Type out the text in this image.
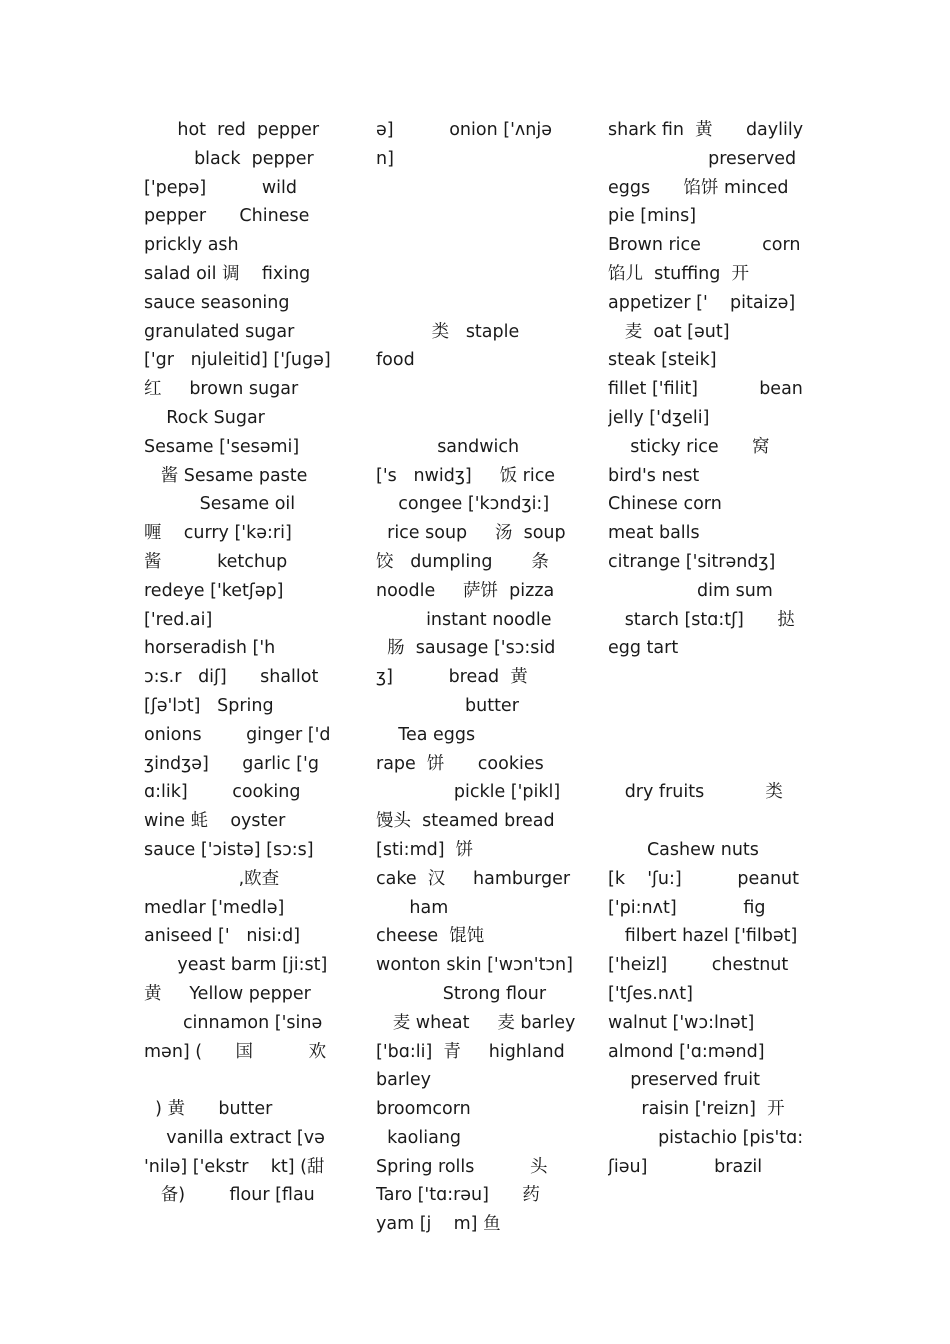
hot  red  pepper
black  pepper
['pepə]          wild
pepper      Chinese
prickly ash
salad oil 调    fixing
sauce seasoning
granulated sugar
['gr   njuleitid] ['ʃugə]
红     brown sugar
Rock Sugar
Sesame ['sesəmi]
酱 Sesame paste
Sesame oil
喱    curry ['kə:ri]
酱          ketchup
redeye ['ketʃəp]
['red.ai]
horseradish ['h
ɔ:s.r   diʃ]      shallot
[ʃə'lɔt]   Spring
onions        ginger ['d
ʒindʒə]      garlic ['g
ɑ:lik]        cooking
wine 蚝    oyster
sauce ['ɔistə] [sɔ:s]
,欧查
medlar ['medlə]
aniseed ['   nisi:d]
yeast barm [ji:st]
黄     Yellow pepper
cinnamon ['sinə
mən] (      国          欢
) 黄      butter
vanilla extract [və
'nilə] ['ekstr    kt] (甜
备)        flour [flau
ə]          onion ['ʌnjə
n]
类   staple
food
sandwich
['s   nwidʒ]     饭 rice
congee ['kɔndʒi:]
rice soup     汤  soup
饺   dumpling       条
noodle     萨饼  pizza
instant noodle
肠  sausage ['sɔ:sid
ʒ]          bread  黄
butter
Tea eggs
rape  饼      cookies
pickle ['pikl]
馒头  steamed bread
[sti:md]  饼
cake  汉     hamburger
ham
cheese  馄饨
wonton skin ['wɔn'tɔn]
Strong flour
麦 wheat     麦 barley
['bɑ:li]  青     highland
barley
broomcorn
kaoliang
Spring rolls          头
Taro ['tɑ:rəu]      药
yam [j    m] 鱼
shark fin  黄      daylily
preserved
eggs      馅饼 minced
pie [mins]
Brown rice           corn
馅儿  stuffing  开
appetizer ['    pitaizə]
麦  oat [əut]
steak [steik]
fillet ['filit]           bean
jelly ['dʒeli]
sticky rice      窝
bird's nest
Chinese corn
meat balls
citrange ['sitrəndʒ]
dim sum
starch [stɑ:tʃ]      挞
egg tart
dry fruits           类
Cashew nuts
[k    'ʃu:]          peanut
['pi:nʌt]            fig
filbert hazel ['filbət]
['heizl]        chestnut
['tʃes.nʌt]
walnut ['wɔ:lnət]
almond ['ɑ:mənd]
preserved fruit
raisin ['reizn]  开
pistachio [pis'tɑ:
ʃiəu]            brazil
